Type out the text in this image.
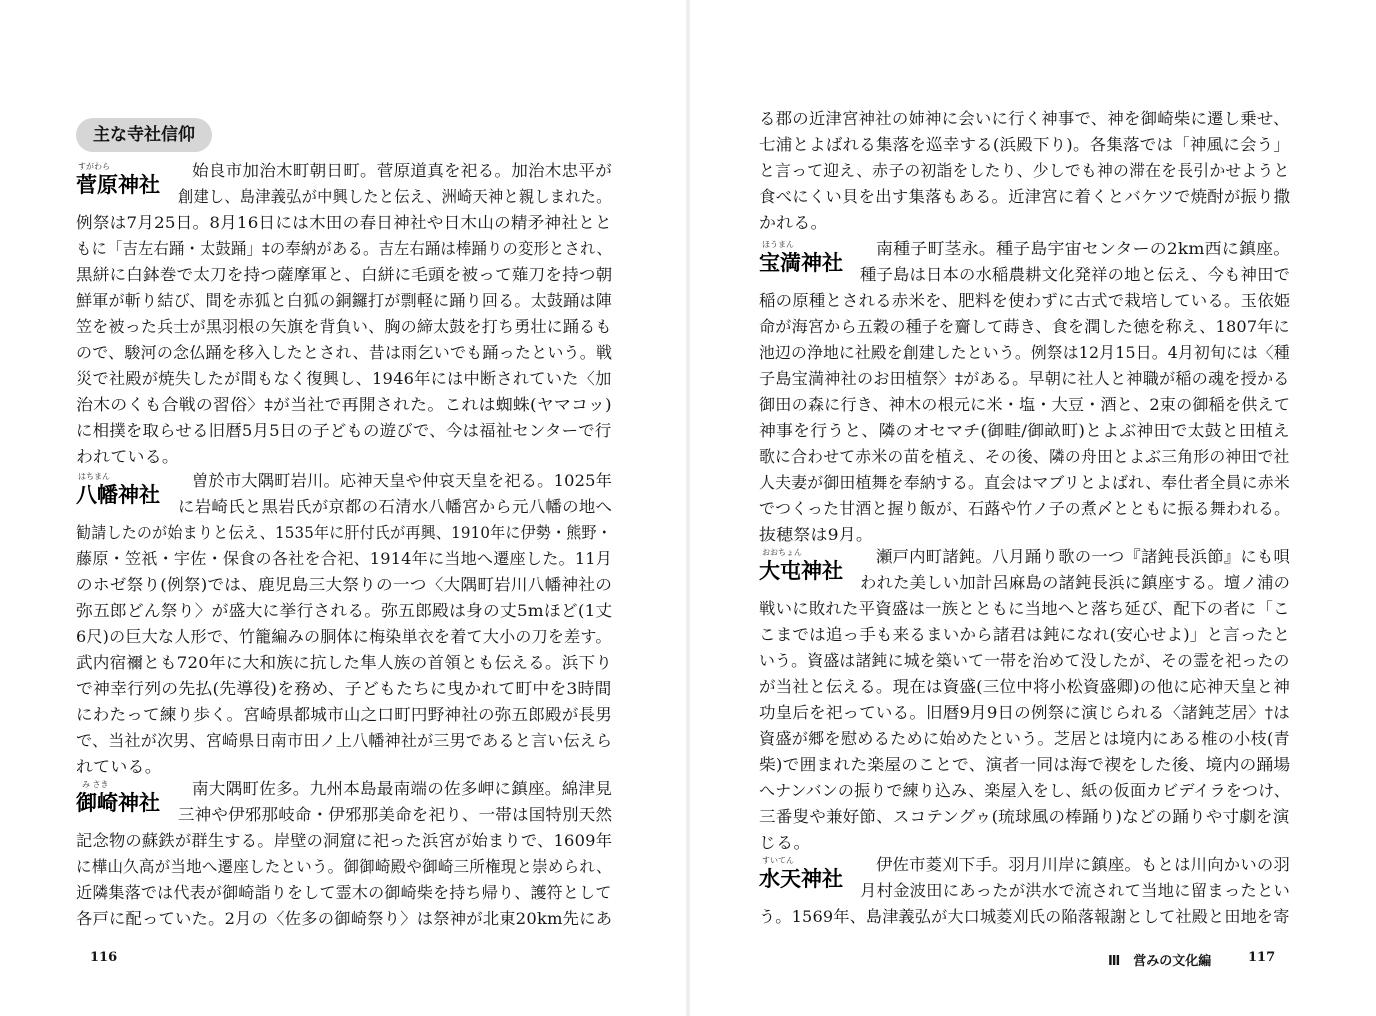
主な寺社信仰
すがわら
菅原神社
始良市加治木町朝日町。菅原道真を祀る。加治木忠平が
創建し、島津義弘が中興したと伝え、洲崎天神と親しまれた。
例祭は7月25日。8月16日には木田の春日神社や日木山の精矛神社とと
もに「吉左右踊・太鼓踊」‡の奉納がある。吉左右踊は棒踊りの変形とされ、
黒絣に白鉢巻で太刀を持つ薩摩軍と、白絣に毛頭を被って薙刀を持つ朝
鮮軍が斬り結び、間を赤狐と白狐の銅鑼打が剽軽に踊り回る。太鼓踊は陣
笠を被った兵士が黒羽根の矢旗を背負い、胸の締太鼓を打ち勇壮に踊るも
ので、駿河の念仏踊を移入したとされ、昔は雨乞いでも踊ったという。戦
災で社殿が焼失したが間もなく復興し、1946年には中断されていた〈加
治木のくも合戦の習俗〉‡が当社で再開された。これは蜘蛛(ヤマコッ)
に相撲を取らせる旧暦5月5日の子どもの遊びで、今は福祉センターで行
われている。
はちまん
八幡神社
曽於市大隅町岩川。応神天皇や仲哀天皇を祀る。1025年
に岩崎氏と黒岩氏が京都の石清水八幡宮から元八幡の地へ
勧請したのが始まりと伝え、1535年に肝付氏が再興、1910年に伊勢・熊野・
藤原・笠祇・宇佐・保食の各社を合祀、1914年に当地へ遷座した。11月
のホゼ祭り(例祭)では、鹿児島三大祭りの一つ〈大隅町岩川八幡神社の
弥五郎どん祭り〉が盛大に挙行される。弥五郎殿は身の丈5mほど(1丈
6尺)の巨大な人形で、竹籠編みの胴体に梅染単衣を着て大小の刀を差す。
武内宿禰とも720年に大和族に抗した隼人族の首領とも伝える。浜下り
で神幸行列の先払(先導役)を務め、子どもたちに曳かれて町中を3時間
にわたって練り歩く。宮崎県都城市山之口町円野神社の弥五郎殿が長男
で、当社が次男、宮崎県日南市田ノ上八幡神社が三男であると言い伝えら
れている。
み さき
御崎神社
南大隅町佐多。九州本島最南端の佐多岬に鎮座。綿津見
三神や伊邪那岐命・伊邪那美命を祀り、一帯は国特別天然
記念物の蘇鉄が群生する。岸壁の洞窟に祀った浜宮が始まりで、1609年
に樺山久高が当地へ遷座したという。御御崎殿や御崎三所権現と崇められ、
近隣集落では代表が御崎詣りをして霊木の御崎柴を持ち帰り、護符として
各戸に配っていた。2月の〈佐多の御崎祭り〉は祭神が北東20km先にあ
116
る郡の近津宮神社の姉神に会いに行く神事で、神を御崎柴に遷し乗せ、
七浦とよばれる集落を巡幸する(浜殿下り)。各集落では「神風に会う」
と言って迎え、赤子の初詣をしたり、少しでも神の滞在を長引かせようと
食べにくい貝を出す集落もある。近津宮に着くとバケツで焼酎が振り撒
かれる。
ほうまん
宝満神社
南種子町茎永。種子島宇宙センターの2km西に鎮座。
種子島は日本の水稲農耕文化発祥の地と伝え、今も神田で
稲の原種とされる赤米を、肥料を使わずに古式で栽培している。玉依姫
命が海宮から五穀の種子を齎して蒔き、食を潤した徳を称え、1807年に
池辺の浄地に社殿を創建したという。例祭は12月15日。4月初旬には〈種
子島宝満神社のお田植祭〉‡がある。早朝に社人と神職が稲の魂を授かる
御田の森に行き、神木の根元に米・塩・大豆・酒と、2束の御稲を供えて
神事を行うと、隣のオセマチ(御畦/御畝町)とよぶ神田で太鼓と田植え
歌に合わせて赤米の苗を植え、その後、隣の舟田とよぶ三角形の神田で社
人夫妻が御田植舞を奉納する。直会はマブリとよばれ、奉仕者全員に赤米
でつくった甘酒と握り飯が、石蕗や竹ノ子の煮〆とともに振る舞われる。
抜穂祭は9月。
おおちょん
大屯神社
瀬戸内町諸鈍。八月踊り歌の一つ『諸鈍長浜節』にも唄
われた美しい加計呂麻島の諸鈍長浜に鎮座する。壇ノ浦の
戦いに敗れた平資盛は一族とともに当地へと落ち延び、配下の者に「こ
こまでは追っ手も来るまいから諸君は鈍になれ(安心せよ)」と言ったと
いう。資盛は諸鈍に城を築いて一帯を治めて没したが、その霊を祀ったの
が当社と伝える。現在は資盛(三位中将小松資盛卿)の他に応神天皇と神
功皇后を祀っている。旧暦9月9日の例祭に演じられる〈諸鈍芝居〉†は
資盛が郷を慰めるために始めたという。芝居とは境内にある椎の小枝(青
柴)で囲まれた楽屋のことで、演者一同は海で禊をした後、境内の踊場
へナンバンの振りで練り込み、楽屋入をし、紙の仮面カビデイラをつけ、
三番叟や兼好節、スコテングゥ(琉球風の棒踊り)などの踊りや寸劇を演
じる。
すいてん
水天神社
伊佐市菱刈下手。羽月川岸に鎮座。もとは川向かいの羽
月村金波田にあったが洪水で流されて当地に留まったとい
う。1569年、島津義弘が大口城菱刈氏の陥落報謝として社殿と田地を寄
Ⅲ　営みの文化編	117
